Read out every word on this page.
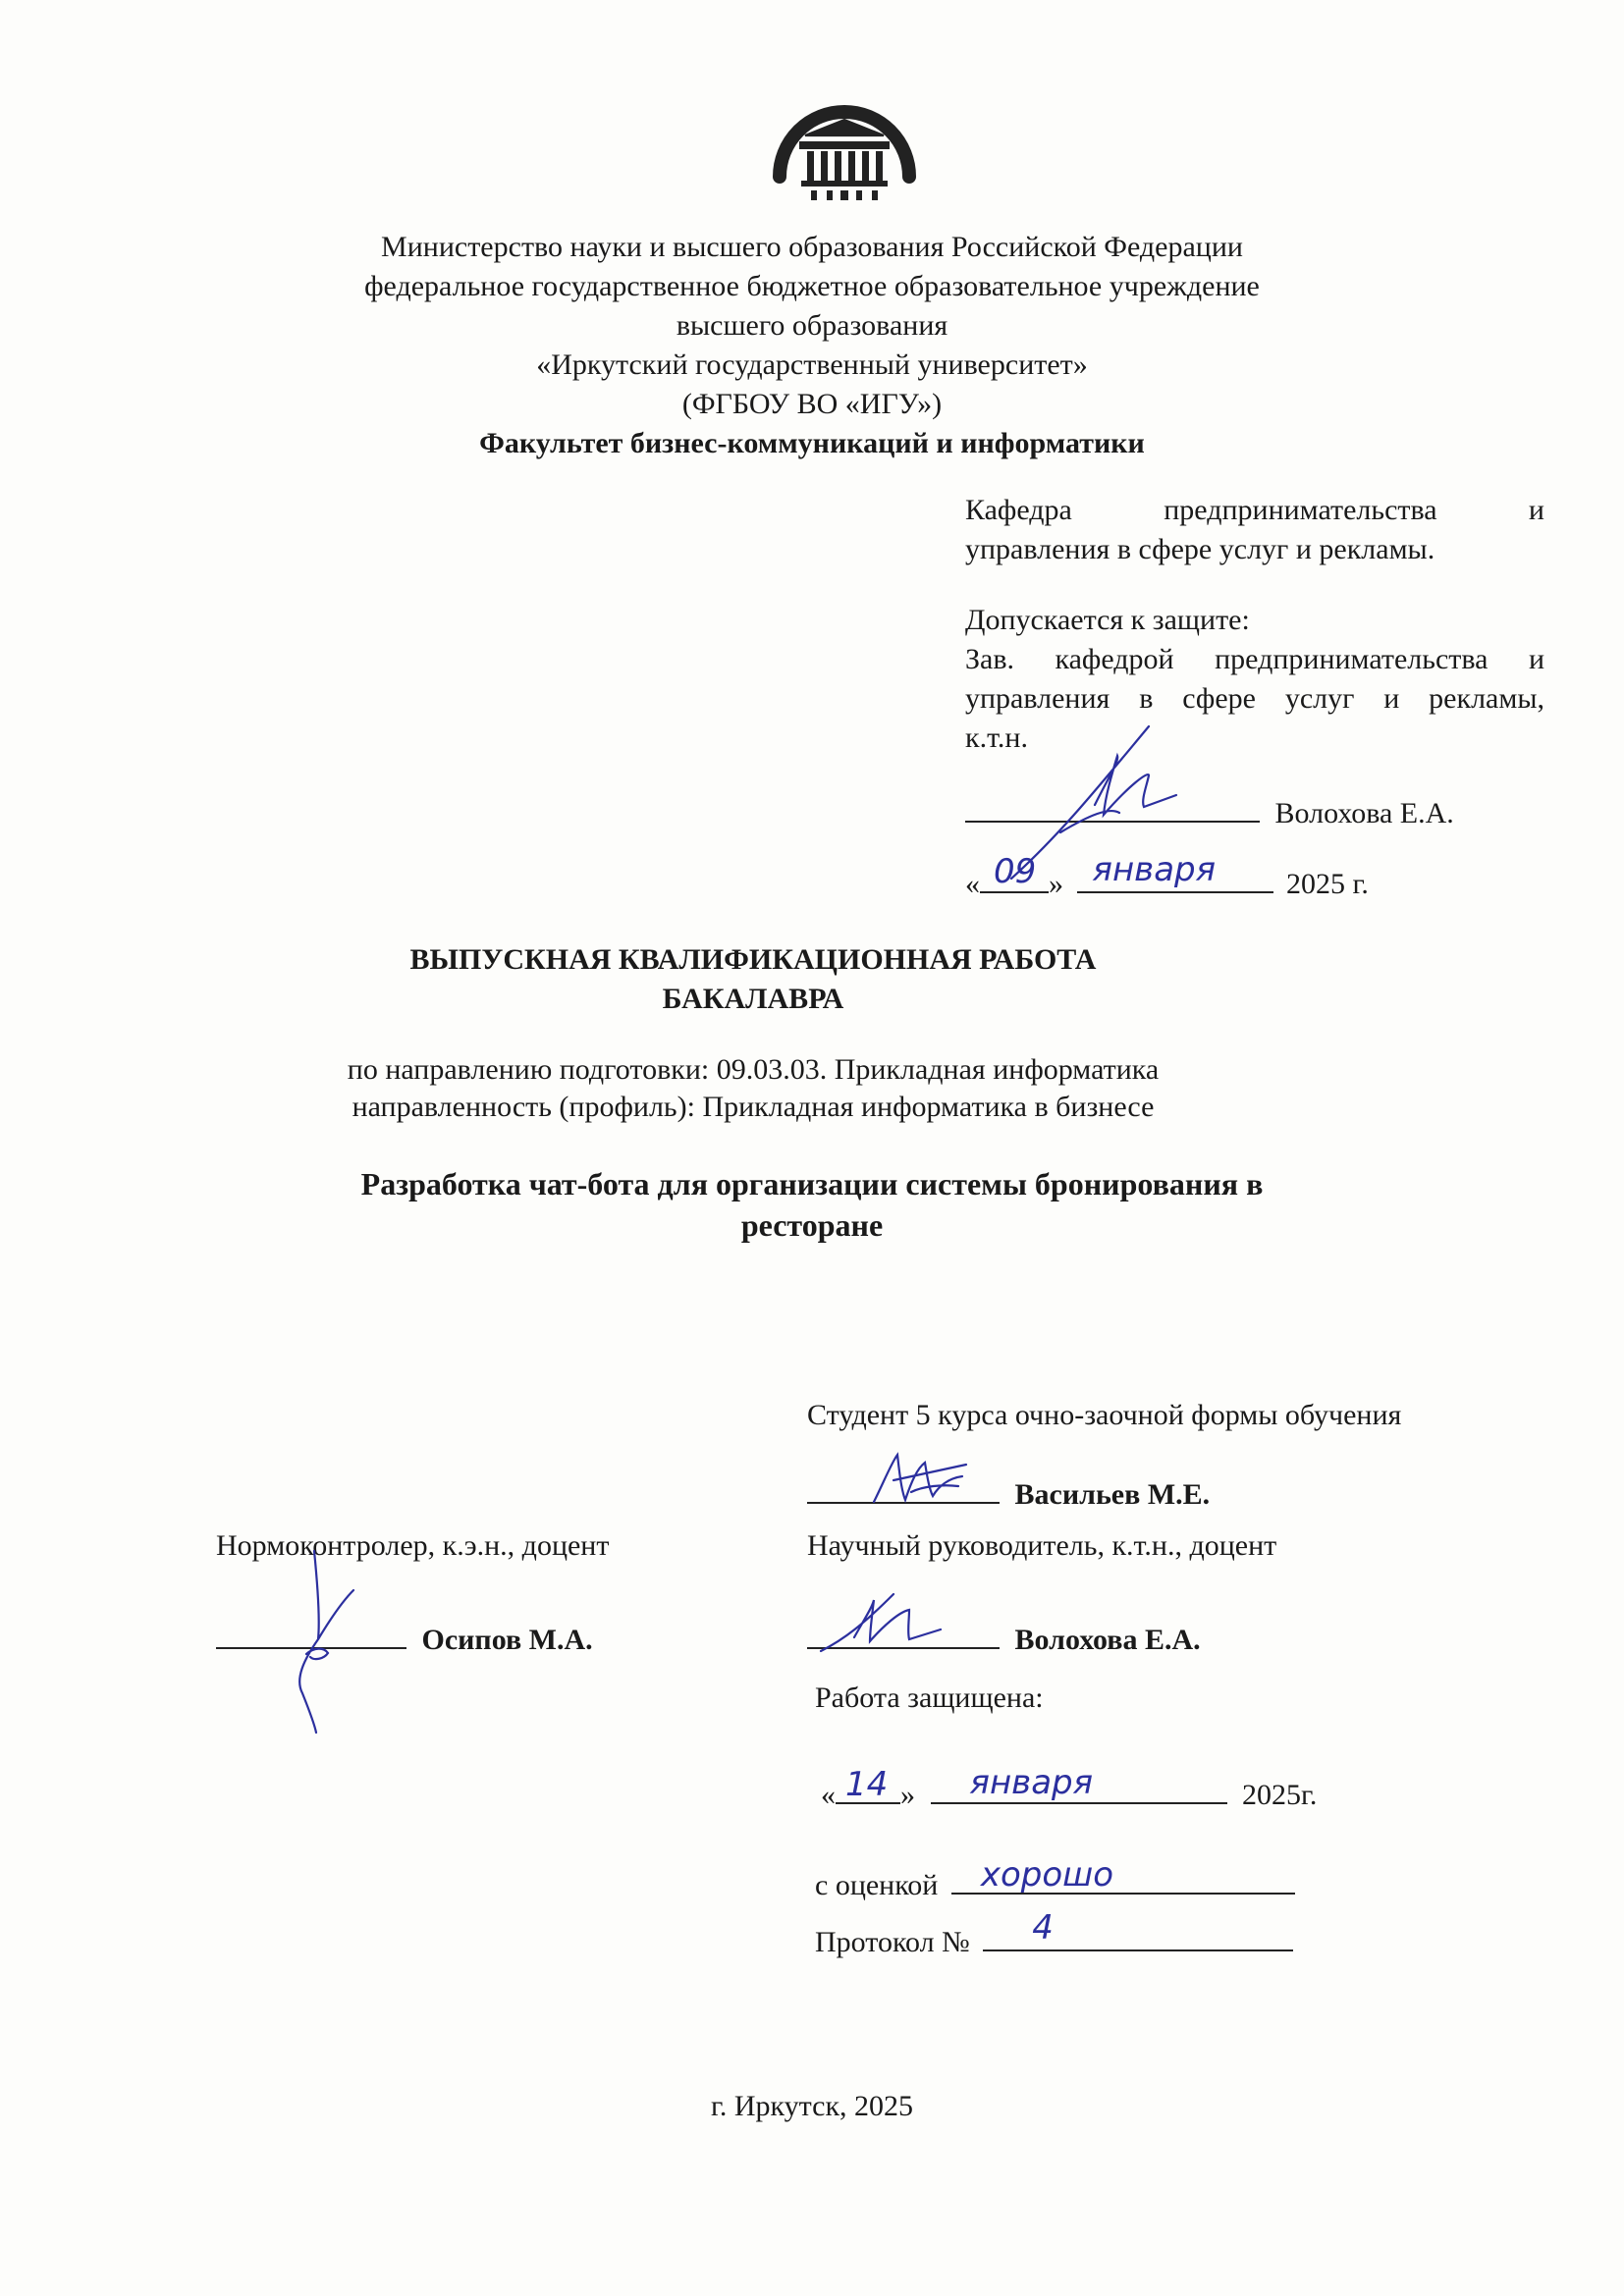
Министерство науки и высшего образования Российской Федерации
федеральное государственное бюджетное образовательное учреждение
высшего образования
«Иркутский государственный университет»
(ФГБОУ ВО «ИГУ»)
Факультет бизнес-коммуникаций и информатики
Кафедра предпринимательства и
управления в сфере услуг и рекламы.
Допускается к защите:
Зав. кафедрой предпринимательства и
управления в сфере услуг и рекламы,
к.т.н.
Волохова Е.А.
« 09 » января 2025 г.
ВЫПУСКНАЯ КВАЛИФИКАЦИОННАЯ РАБОТА
БАКАЛАВРА
по направлению подготовки: 09.03.03. Прикладная информатика
направленность (профиль): Прикладная информатика в бизнесе
Разработка чат-бота для организации системы бронирования в
ресторане
Студент 5 курса очно-заочной формы обучения
Васильев М.Е.
Нормоконтролер, к.э.н., доцент
Осипов М.А.
Научный руководитель, к.т.н., доцент
Волохова Е.А.
Работа защищена:
« 14 » января	2025г.
с оценкой хорошо
Протокол № 4
г. Иркутск, 2025
